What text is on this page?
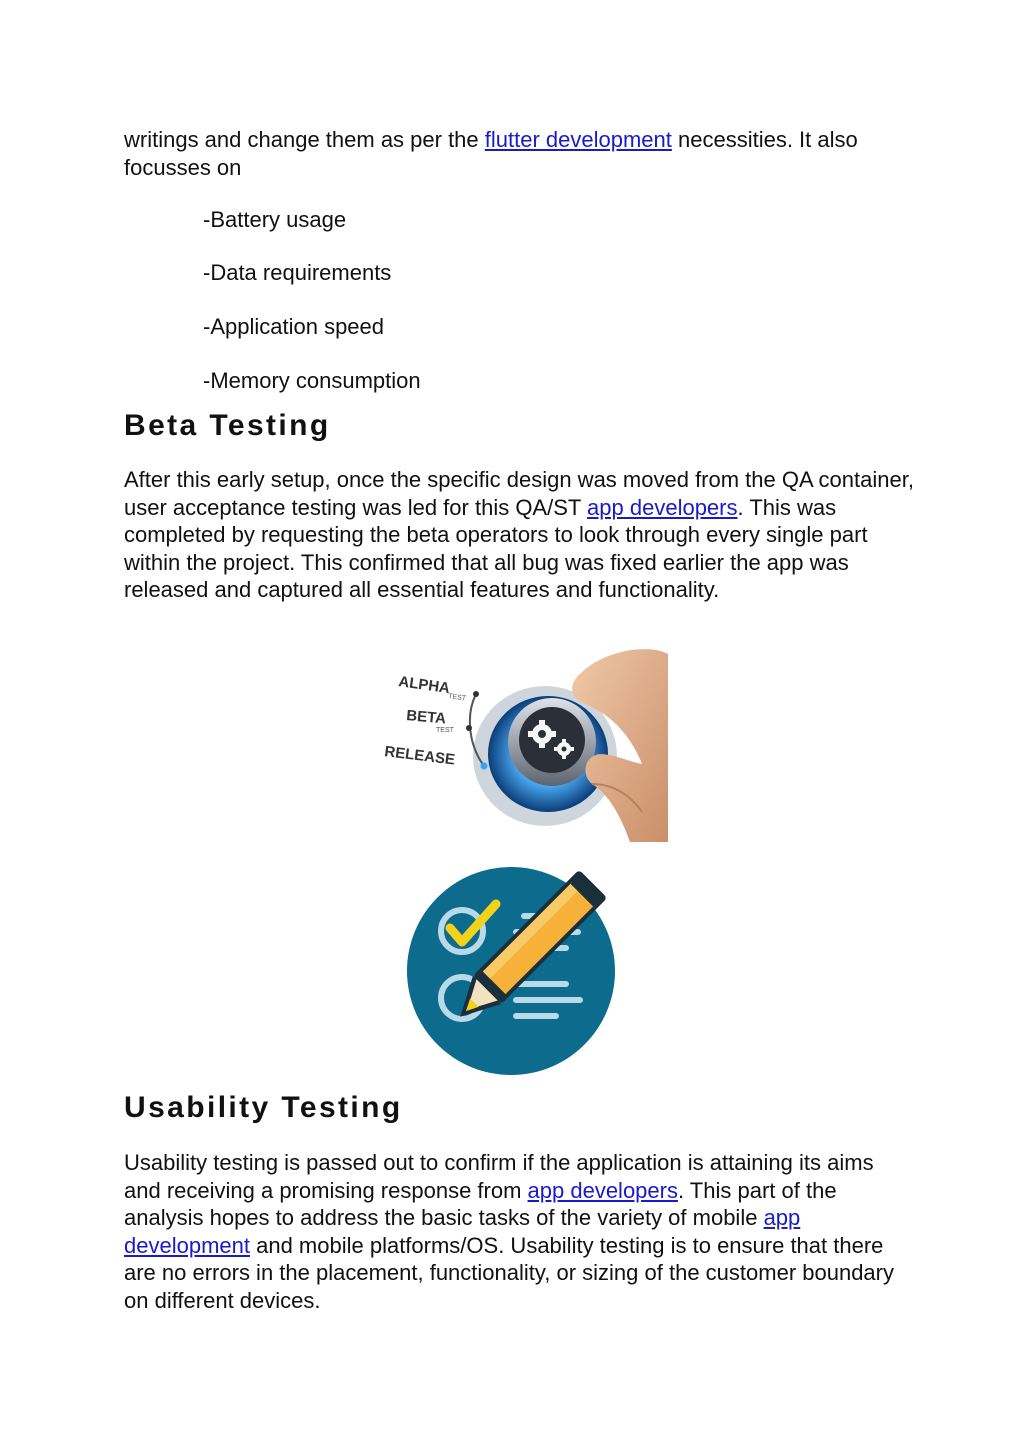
writings and change them as per the flutter development necessities. It also focusses on

-Battery usage

-Data requirements

-Application speed

-Memory consumption

Beta Testing

After this early setup, once the specific design was moved from the QA container, user acceptance testing was led for this QA/ST app developers. This was completed by requesting the beta operators to look through every single part within the project. This confirmed that all bug was fixed earlier the app was released and captured all essential features and functionality.

ALPHA
TEST
BETA
TEST
RELEASE
Usability Testing

Usability testing is passed out to confirm if the application is attaining its aims and receiving a promising response from app developers. This part of the analysis hopes to address the basic tasks of the variety of mobile app development and mobile platforms/OS. Usability testing is to ensure that there are no errors in the placement, functionality, or sizing of the customer boundary on different devices.
